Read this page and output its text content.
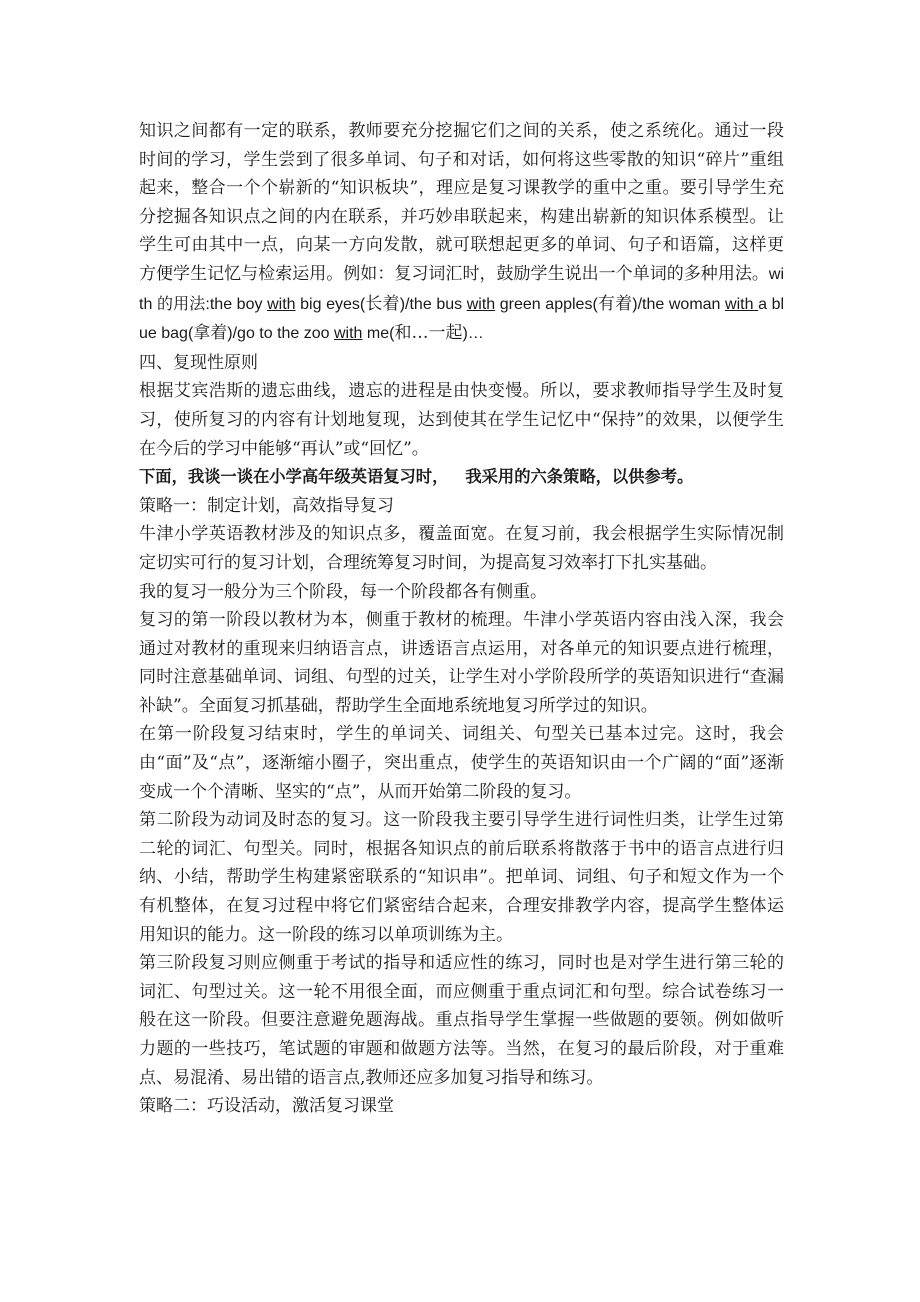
知识之间都有一定的联系，教师要充分挖掘它们之间的关系，使之系统化。通过一段时间的学习，学生尝到了很多单词、句子和对话，如何将这些零散的知识“碎片”重组起来，整合一个个崭新的“知识板块”，理应是复习课教学的重中之重。要引导学生充分挖掘各知识点之间的内在联系，并巧妙串联起来，构建出崭新的知识体系模型。让学生可由其中一点，向某一方向发散，就可联想起更多的单词、句子和语篇，这样更方便学生记忆与检索运用。例如：复习词汇时，鼓励学生说出一个单词的多种用法。with 的用法:the boy with big eyes(长着)/the bus with green apples(有着)/the woman with a blue bag(拿着)/go to the zoo with me(和…一起)…

四、复现性原则

根据艾宾浩斯的遗忘曲线，遗忘的进程是由快变慢。所以，要求教师指导学生及时复习，使所复习的内容有计划地复现，达到使其在学生记忆中“保持”的效果，以便学生在今后的学习中能够“再认”或“回忆”。

下面，我谈一谈在小学高年级英语复习时，   我采用的六条策略，以供参考。

策略一：制定计划，高效指导复习

牛津小学英语教材涉及的知识点多，覆盖面宽。在复习前，我会根据学生实际情况制定切实可行的复习计划，合理统筹复习时间，为提高复习效率打下扎实基础。

我的复习一般分为三个阶段，每一个阶段都各有侧重。

复习的第一阶段以教材为本，侧重于教材的梳理。牛津小学英语内容由浅入深，我会通过对教材的重现来归纳语言点，讲透语言点运用，对各单元的知识要点进行梳理，同时注意基础单词、词组、句型的过关，让学生对小学阶段所学的英语知识进行“查漏补缺”。全面复习抓基础，帮助学生全面地系统地复习所学过的知识。

在第一阶段复习结束时，学生的单词关、词组关、句型关已基本过完。这时，我会由“面”及“点”，逐渐缩小圈子，突出重点，使学生的英语知识由一个广阔的“面”逐渐变成一个个清晰、坚实的“点”，从而开始第二阶段的复习。

第二阶段为动词及时态的复习。这一阶段我主要引导学生进行词性归类，让学生过第二轮的词汇、句型关。同时，根据各知识点的前后联系将散落于书中的语言点进行归纳、小结，帮助学生构建紧密联系的“知识串”。把单词、词组、句子和短文作为一个有机整体，在复习过程中将它们紧密结合起来，合理安排教学内容，提高学生整体运用知识的能力。这一阶段的练习以单项训练为主。

第三阶段复习则应侧重于考试的指导和适应性的练习，同时也是对学生进行第三轮的词汇、句型过关。这一轮不用很全面，而应侧重于重点词汇和句型。综合试卷练习一般在这一阶段。但要注意避免题海战。重点指导学生掌握一些做题的要领。例如做听力题的一些技巧，笔试题的审题和做题方法等。当然，在复习的最后阶段，对于重难点、易混淆、易出错的语言点,教师还应多加复习指导和练习。

策略二：巧设活动，激活复习课堂
